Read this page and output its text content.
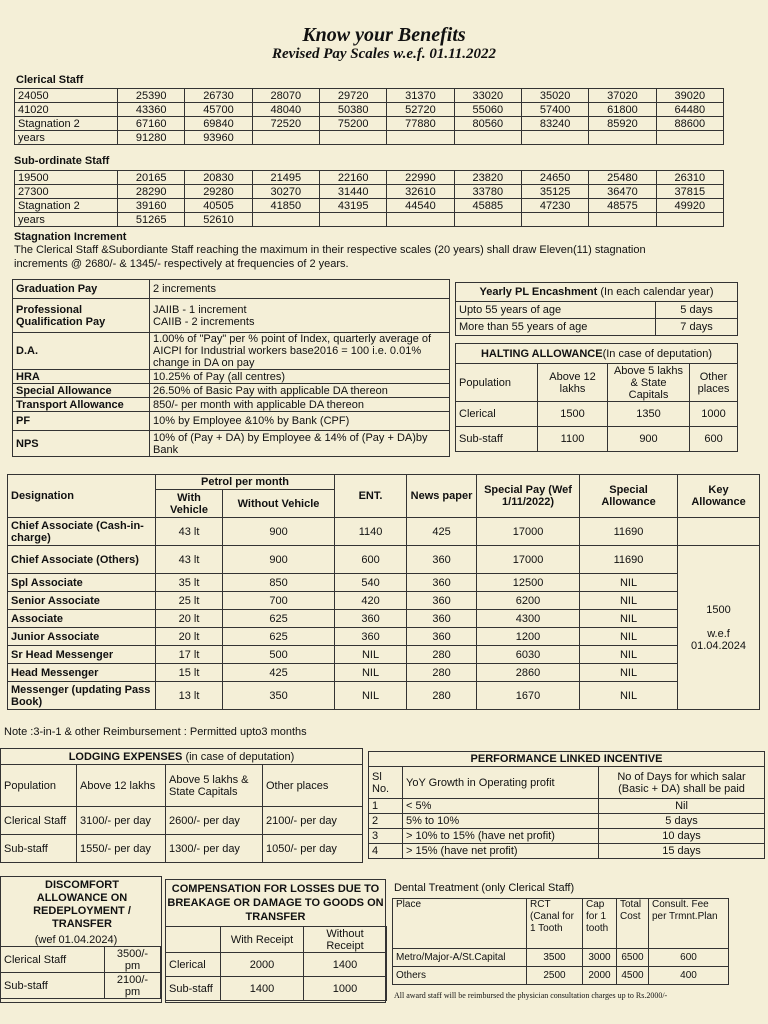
Know your Benefits
Revised Pay Scales w.e.f. 01.11.2022
Clerical Staff
24050	25390	26730	28070	29720	31370	33020	35020	37020	39020
41020	43360	45700	48040	50380	52720	55060	57400	61800	64480
Stagnation 2	67160	69840	72520	75200	77880	80560	83240	85920	88600
years	91280	93960							
Sub-ordinate Staff
19500	20165	20830	21495	22160	22990	23820	24650	25480	26310
27300	28290	29280	30270	31440	32610	33780	35125	36470	37815
Stagnation 2	39160	40505	41850	43195	44540	45885	47230	48575	49920
years	51265	52610							
Stagnation Increment
The Clerical Staff &Subordiante Staff reaching the maximum in their respective scales (20 years) shall draw Eleven(11) stagnation
increments @ 2680/- & 1345/- respectively at frequencies of 2 years.
Graduation Pay	2 increments
Professional Qualification Pay	JAIIB - 1 increment
CAIIB - 2 increments
D.A.	1.00% of "Pay" per % point of Index, quarterly average of AICPI for Industrial workers base2016 = 100 i.e. 0.01% change in DA on pay
HRA	10.25% of Pay (all centres)
Special Allowance	26.50% of Basic Pay with applicable DA thereon
Transport Allowance	850/- per month with applicable DA thereon
PF	10% by Employee &10% by Bank (CPF)
NPS	10% of (Pay + DA) by Employee & 14% of (Pay + DA)by Bank
Yearly PL Encashment (In each calendar year)	
Upto 55 years of age	5 days
More than 55 years of age	7 days
HALTING ALLOWANCE(In case of deputation)			
Population	Above 12 lakhs	Above 5 lakhs & State Capitals	Other places
Clerical	1500	1350	1000
Sub-staff	1100	900	600
Designation	Petrol per month		ENT.	News paper	Special Pay (Wef 1/11/2022)	Special Allowance	Key Allowance
	With Vehicle	Without Vehicle					
Chief Associate (Cash-in-charge)	43 lt	900	1140	425	17000	11690	
Chief Associate (Others)	43 lt	900	600	360	17000	11690	1500
w.e.f
01.04.2024

Spl Associate	35 lt	850	540	360	12500	NIL	
Senior Associate	25 lt	700	420	360	6200	NIL	
Associate	20 lt	625	360	360	4300	NIL	
Junior Associate	20 lt	625	360	360	1200	NIL	
Sr Head Messenger	17 lt	500	NIL	280	6030	NIL	
Head Messenger	15 lt	425	NIL	280	2860	NIL	
Messenger (updating Pass Book)	13 lt	350	NIL	280	1670	NIL	
Note :3-in-1 & other Reimbursement : Permitted upto3 months
LODGING EXPENSES (in case of deputation)			
Population	Above 12 lakhs	Above 5 lakhs & State Capitals	Other places
Clerical Staff	3100/- per day	2600/- per day	2100/- per day
Sub-staff	1550/- per day	1300/- per day	1050/- per day
PERFORMANCE LINKED INCENTIVE		
Sl No.	YoY Growth in Operating profit	No of Days for which salar (Basic + DA) shall be paid
1	< 5%	Nil
2	5% to 10%	5 days
3	> 10% to 15% (have net profit)	10 days
4	> 15% (have net profit)	15 days
DISCOMFORT ALLOWANCE ON REDEPLOYMENT / TRANSFER
(wef 01.04.2024)
Clerical Staff	3500/- pm
Sub-staff	2100/- pm
COMPENSATION FOR LOSSES DUE TO BREAKAGE OR DAMAGE TO GOODS ON TRANSFER
	With Receipt	Without Receipt
Clerical	2000	1400
Sub-staff	1400	1000
Dental Treatment (only Clerical Staff)
Place	RCT (Canal for 1 Tooth	Cap for 1 tooth	Total Cost	Consult. Fee per Trmnt.Plan
Metro/Major-A/St.Capital	3500	3000	6500	600
Others	2500	2000	4500	400
All award staff will be reimbursed the physician consultation charges up to Rs.2000/-
